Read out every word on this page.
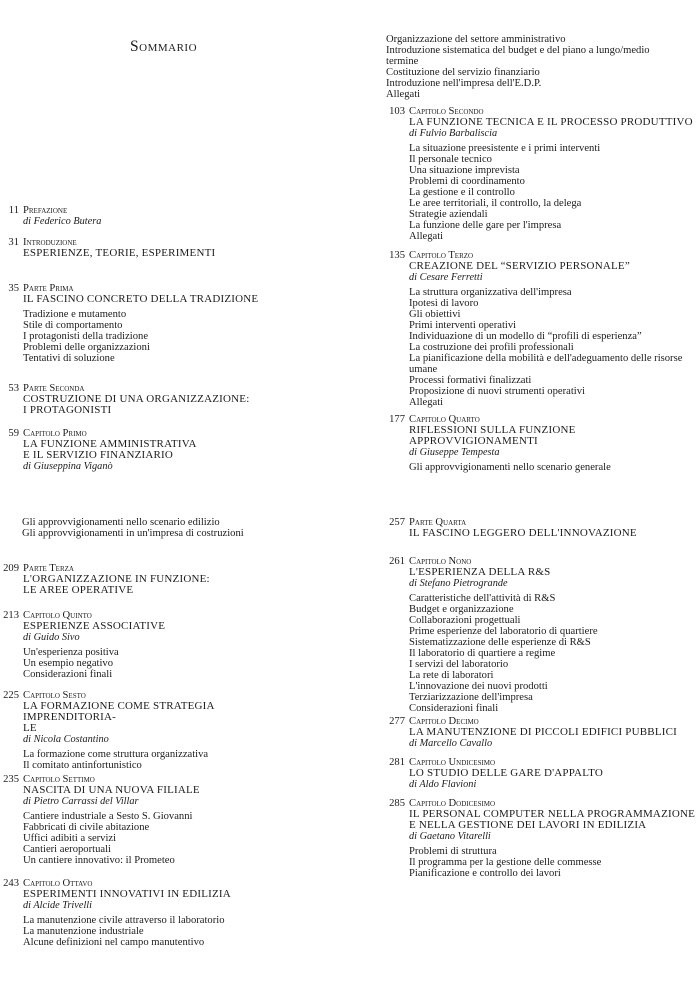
Sommario
11 Prefazione
di Federico Butera
31 Introduzione
ESPERIENZE, TEORIE, ESPERIMENTI
35 Parte Prima
IL FASCINO CONCRETO DELLA TRADIZIONE
Tradizione e mutamento
Stile di comportamento
I protagonisti della tradizione
Problemi delle organizzazioni
Tentativi di soluzione
53 Parte Seconda
COSTRUZIONE DI UNA ORGANIZZAZIONE:
I PROTAGONISTI
59 Capitolo Primo
LA FUNZIONE AMMINISTRATIVA
E IL SERVIZIO FINANZIARIO
di Giuseppina Viganò
Organizzazione del settore amministrativo
Introduzione sistematica del budget e del piano a lungo/medio
termine
Costituzione del servizio finanziario
Introduzione nell'impresa dell'E.D.P.
Allegati
103 Capitolo Secondo
LA FUNZIONE TECNICA E IL PROCESSO PRODUTTIVO
di Fulvio Barbaliscia
La situazione preesistente e i primi interventi
Il personale tecnico
Una situazione imprevista
Problemi di coordinamento
La gestione e il controllo
Le aree territoriali, il controllo, la delega
Strategie aziendali
La funzione delle gare per l'impresa
Allegati
135 Capitolo Terzo
CREAZIONE DEL “SERVIZIO PERSONALE”
di Cesare Ferretti
La struttura organizzativa dell'impresa
Ipotesi di lavoro
Gli obiettivi
Primi interventi operativi
Individuazione di un modello di “profili di esperienza”
La costruzione dei profili professionali
La pianificazione della mobilità e dell'adeguamento delle risorse
umane
Processi formativi finalizzati
Proposizione di nuovi strumenti operativi
Allegati
177 Capitolo Quarto
RIFLESSIONI SULLA FUNZIONE
APPROVVIGIONAMENTI
di Giuseppe Tempesta
Gli approvvigionamenti nello scenario generale
Gli approvvigionamenti nello scenario edilizio
Gli approvvigionamenti in un'impresa di costruzioni
209 Parte Terza
L'ORGANIZZAZIONE IN FUNZIONE:
LE AREE OPERATIVE
213 Capitolo Quinto
ESPERIENZE ASSOCIATIVE
di Guido Sivo
Un'esperienza positiva
Un esempio negativo
Considerazioni finali
225 Capitolo Sesto
LA FORMAZIONE COME STRATEGIA IMPRENDITORIA-
LE
di Nicola Costantino
La formazione come struttura organizzativa
Il comitato antinfortunistico
235 Capitolo Settimo
NASCITA DI UNA NUOVA FILIALE
di Pietro Carrassi del Villar
Cantiere industriale a Sesto S. Giovanni
Fabbricati di civile abitazione
Uffici adibiti a servizi
Cantieri aeroportuali
Un cantiere innovativo: il Prometeo
243 Capitolo Ottavo
ESPERIMENTI INNOVATIVI IN EDILIZIA
di Alcide Trivelli
La manutenzione civile attraverso il laboratorio
La manutenzione industriale
Alcune definizioni nel campo manutentivo
257 Parte Quarta
IL FASCINO LEGGERO DELL'INNOVAZIONE
261 Capitolo Nono
L'ESPERIENZA DELLA R&S
di Stefano Pietrogrande
Caratteristiche dell'attività di R&S
Budget e organizzazione
Collaborazioni progettuali
Prime esperienze del laboratorio di quartiere
Sistematizzazione delle esperienze di R&S
Il laboratorio di quartiere a regime
I servizi del laboratorio
La rete di laboratori
L'innovazione dei nuovi prodotti
Terziarizzazione dell'impresa
Considerazioni finali
277 Capitolo Decimo
LA MANUTENZIONE DI PICCOLI EDIFICI PUBBLICI
di Marcello Cavallo
281 Capitolo Undicesimo
LO STUDIO DELLE GARE D'APPALTO
di Aldo Flavioni
285 Capitolo Dodicesimo
IL PERSONAL COMPUTER NELLA PROGRAMMAZIONE
E NELLA GESTIONE DEI LAVORI IN EDILIZIA
di Gaetano Vitarelli
Problemi di struttura
Il programma per la gestione delle commesse
Pianificazione e controllo dei lavori
